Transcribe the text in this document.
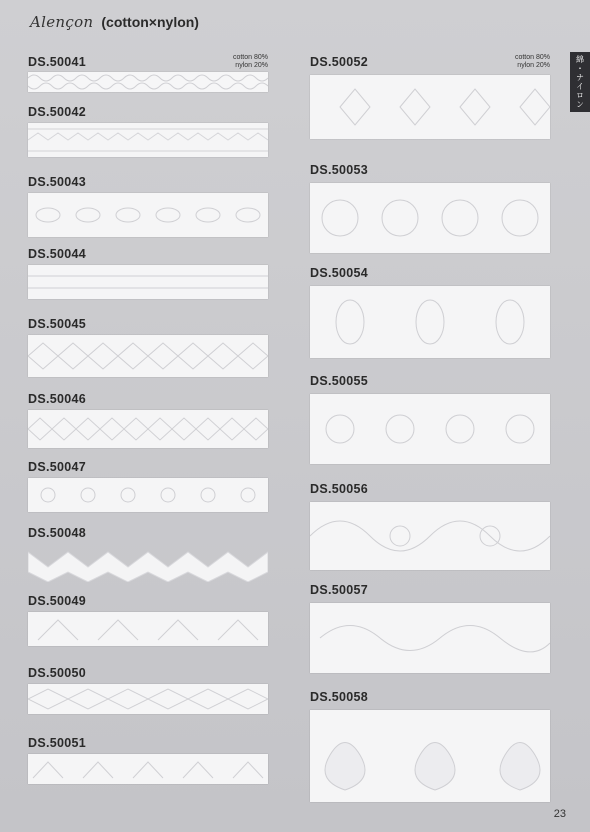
Alençon (cotton×nylon)
綿・ナイロン
DS.50041	cotton 80%
nylon 20%
DS.50042
DS.50043
DS.50044
DS.50045
DS.50046
DS.50047
DS.50048
DS.50049
DS.50050
DS.50051
DS.50052	cotton 80%
nylon 20%
DS.50053
DS.50054
DS.50055
DS.50056
DS.50057
DS.50058
23
